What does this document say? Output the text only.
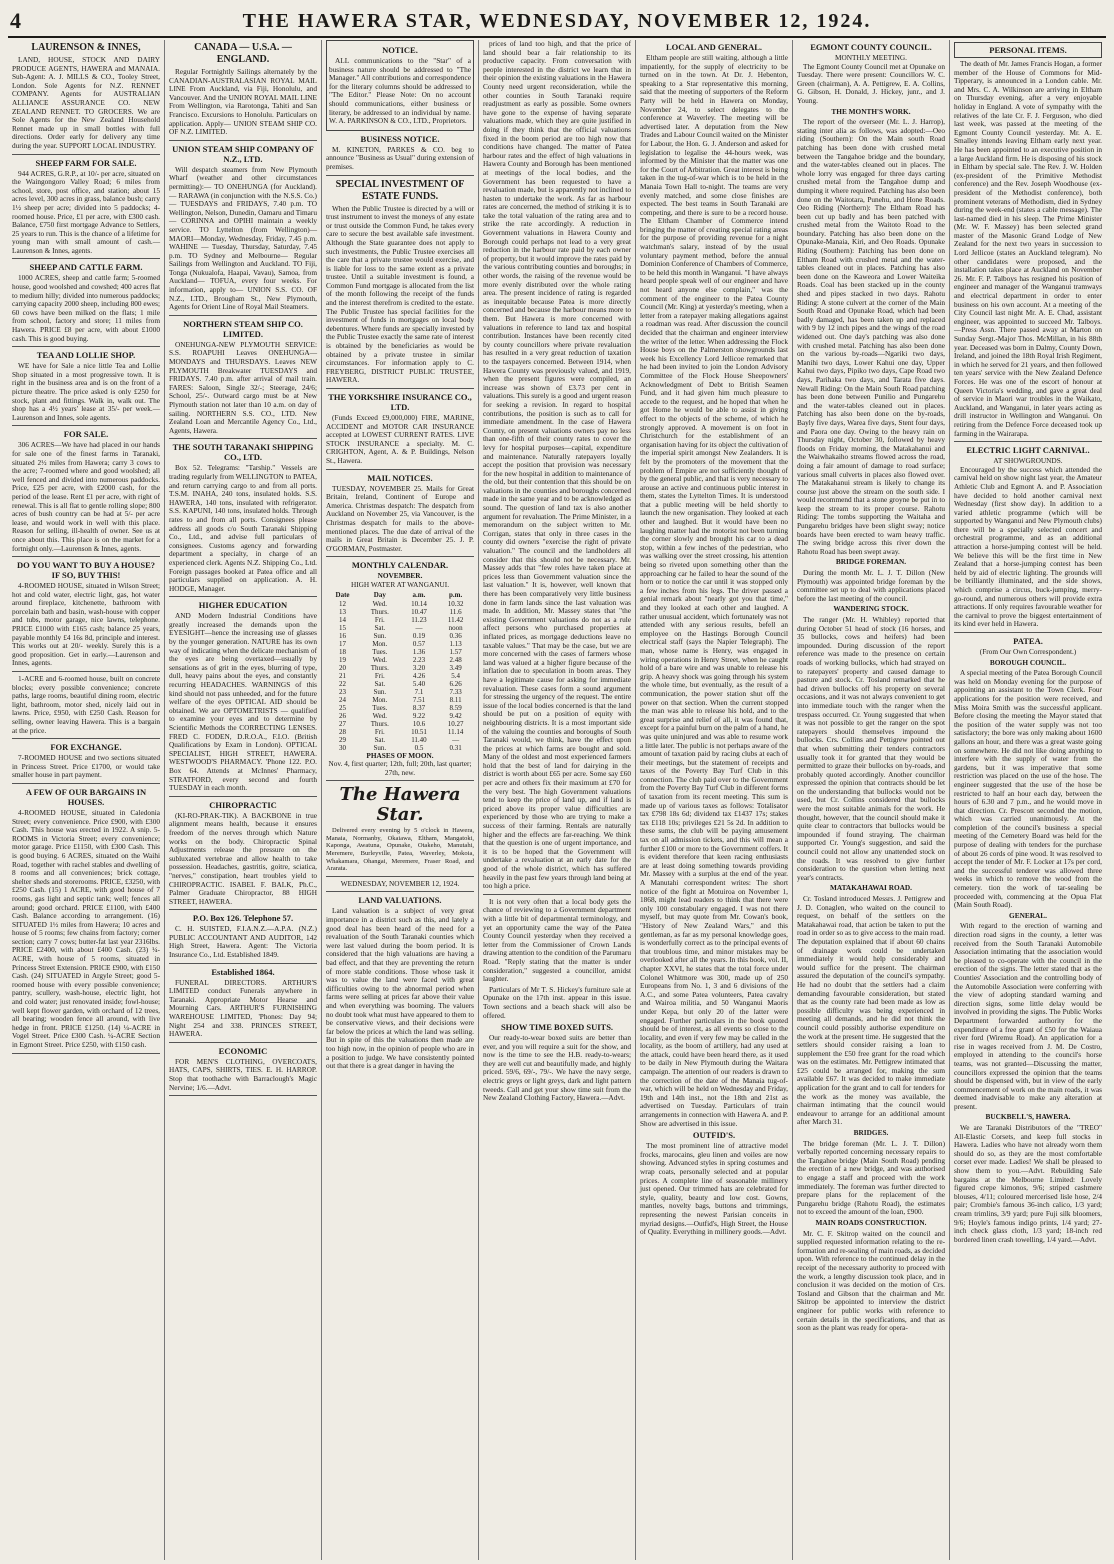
4	THE HAWERA STAR, WEDNESDAY, NOVEMBER 12, 1924.
LAURENSON & INNES,
LAND, HOUSE, STOCK AND DAIRY PRODUCE AGENTS, HAWERA and MANAIA. Sub-Agent: A. J. MILLS & CO., Tooley Street, London. Sole Agents for N.Z. RENNET COMPANY. Agents for AUSTRALIAN ALLIANCE ASSURANCE CO. NEW ZEALAND RENNET. TO GROCERS. We are Sole Agents for the New Zealand Household Rennet made up in small bottles with full directions. Order early for delivery any time during the year. SUPPORT LOCAL INDUSTRY.
SHEEP FARM FOR SALE.
944 ACRES, G.R.P., at 10/- per acre, situated on the Waingongoro Valley Road; 6 miles from school, store, post office, and station; about 15 acres level, 300 acres in grass, balance bush; carry 1½ sheep per acre; divided into 5 paddocks; 4-roomed house. Price, £1 per acre, with £300 cash. Balance, £750 first mortgage Advance to Settlers, 25 years to run. This is the chance of a lifetime for young man with small amount of cash.—Laurenson & Innes, agents.
SHEEP AND CATTLE FARM.
1000 ACRES, sheep and cattle farm; 5-roomed house, good woolshed and cowshed; 400 acres flat to medium hilly; divided into numerous paddocks; carrying capacity 2000 sheep, including 800 ewes; 60 cows have been milked on the flats; 1 mile from school, factory and store; 11 miles from Hawera. PRICE £8 per acre, with about £1000 cash. This is good buying.
TEA AND LOLLIE SHOP.
WE have for Sale a nice little Tea and Lollie Shop situated in a most progressive town. It is right in the business area and is on the front of a picture theatre. The price asked is only £250 for stock, plant and fittings. Walk in, walk out. The shop has a 4½ years' lease at 35/- per week.—Laurenson and Innes, sole agents.
FOR SALE.
306 ACRES—We have had placed in our hands for sale one of the finest farms in Taranaki, situated 2½ miles from Hawera; carry 3 cows to the acre; 7-roomed where and good woolshed; all well fenced and divided into numerous paddocks. Price, £25 per acre, with £2000 cash, for the period of the lease. Rent £1 per acre, with right of renewal. This is all flat to gentle rolling slope; 800 acres of bush country can be had at 5/- per acre lease, and would work in well with this place. Reason for selling, ill-health of owner. See us at once about this. This place is on the market for a fortnight only.—Laurenson & Innes, agents.
DO YOU WANT TO BUY A HOUSE? IF SO, BUY THIS!
4-ROOMED HOUSE, situated in Wilson Street; hot and cold water, electric light, gas, hot water around fireplace, kitchenette, bathroom with porcelain bath and basin, wash-house with copper and tubs, motor garage, nice lawns, telephone. PRICE £1000 with £165 cash; balance 25 years, payable monthly £4 16s 8d, principle and interest. This works out at 20/- weekly. Surely this is a good proposition. Get in early.—Laurenson and Innes, agents.
1-ACRE and 6-roomed house, built on concrete blocks; every possible convenience; concrete paths, large rooms, beautiful dining room, electric light, bathroom, motor shed, nicely laid out in lawns. Price, £950, with £250 Cash. Reason for selling, owner leaving Hawera. This is a bargain at the price.
FOR EXCHANGE.
7-ROOMED HOUSE and two sections situated in Princess Street. Price £1700, or would take smaller house in part payment.
A FEW OF OUR BARGAINS IN HOUSES.
4-ROOMED HOUSE, situated in Caledonia Street; every convenience. Price £900, with £300 Cash. This house was erected in 1922. A snip. 5-ROOMS in Victoria Street; every convenience; motor garage. Price £1150, with £300 Cash. This is good buying. 6 ACRES, situated on the Waihi Road, together with rachel stables and dwelling of 8 rooms and all conveniences; brick cottage, shelter sheds and storerooms. PRICE, £3250, with £250 Cash. (15) 1 ACRE, with good house of 7 rooms, gas light and septic tank; well; fences all around; good orchard. PRICE £1100, with £400 Cash. Balance according to arrangement. (16) SITUATED 1½ miles from Hawera; 10 acres and house of 5 rooms; few chains from factory; corner section; carry 7 cows; butter-fat last year 2316lbs. PRICE £2400, with about £400 Cash. (23) ¼-ACRE, with house of 5 rooms, situated in Princess Street Extension. PRICE £900, with £150 Cash. (24) SITUATED in Argyle Street; good 5-roomed house with every possible convenience; pantry, scullery, wash-house, electric light, hot and cold water; just renovated inside; fowl-house; well kept flower garden, with orchard of 12 trees, all bearing; wooden fence all around, with live hedge in front. PRICE £1250. (14) ¼-ACRE in Vogel Street. Price £300 Cash. ¼-ACRE Section in Egmont Street. Price £250, with £150 cash.
CANADA — U.S.A. — ENGLAND.
Regular Fortnightly Sailings alternately by the CANADIAN-AUSTRALASIAN ROYAL MAIL LINE From Auckland, via Fiji, Honolulu, and Vancouver. And the UNION ROYAL MAIL LINE From Wellington, via Rarotonga, Tahiti and San Francisco. Excursions to Honolulu. Particulars on application. Apply— UNION STEAM SHIP CO. OF N.Z. LIMITED.
UNION STEAM SHIP COMPANY OF N.Z., LTD.
Will despatch steamers from New Plymouth Wharf (weather and other circumstances permitting):— TO ONEHUNGA (for Auckland).— RARAWA (in conjunction with the N.S.S. Co.)— TUESDAYS and FRIDAYS, 7.40 p.m. TO Wellington, Nelson, Dunedin, Oamaru and Timaru— CORINNA and OPIHI maintain a weekly service. TO Lyttelton (from Wellington)— MAORI—Monday, Wednesday, Friday, 7.45 p.m. WAHINE — Tuesday, Thursday, Saturday, 7.45 p.m. TO Sydney and Melbourne— Regular Sailings from Wellington and Auckland. TO Fiji, Tonga (Nukualofa, Haapai, Vavau), Samoa, from Auckland— TOFUA, every four weeks. For information, apply to— UNION S.S. CO. OF N.Z., LTD., Brougham St., New Plymouth, Agents for Orient Line of Royal Mail Steamers.
NORTHERN STEAM SHIP CO. LIMITED.
ONEHUNGA-NEW PLYMOUTH SERVICE: S.S. ROAPUHI Leaves ONEHUNGA— MONDAYS and THURSDAYS. Leaves NEW PLYMOUTH Breakwater TUESDAYS and FRIDAYS. 7.40 p.m. after arrival of mail train. FARES: Saloon, Single 32/-; Steerage, 24/6; School, 25/-. Outward cargo must be at New Plymouth station not later than 10 a.m. on day of sailing. NORTHERN S.S. CO., LTD. New Zealand Loan and Mercantile Agency Co., Ltd., Agents, Hawera.
THE SOUTH TARANAKI SHIPPING CO., LTD.
Box 52. Telegrams: "Tarship." Vessels are trading regularly from WELLINGTON to PATEA, and return carrying cargo to and from all ports. T.S.M. INAHA, 240 tons, insulated holds. S.S. HAWERA, 140 tons, insulated with refrigerator. S.S. KAPUNI, 140 tons, insulated holds. Through rates to and from all ports. Consignees please address all goods c/o South Taranaki Shipping Co., Ltd., and advise full particulars of consignees. Customs agency and forwarding department a specialty, in charge of an experienced clerk. Agents N.Z. Shipping Co., Ltd. Foreign passages booked at Patea office and all particulars supplied on application. A. H. HODGE, Manager.
HIGHER EDUCATION
AND Modern Industrial Conditions have greatly increased the demands upon the EYESIGHT—hence the increasing use of glasses by the younger generation. NATURE has its own way of indicating when the delicate mechanism of the eyes are being overtaxed—usually by sensations as of grit in the eyes, blurring of type, dull, heavy pains about the eyes, and constantly recurring HEADACHES. WARNINGS of this kind should not pass unheeded, and for the future welfare of the eyes OPTICAL AID should be obtained. We are OPTOMETRISTS — qualified to examine your eyes and to determine by Scientific Methods the CORRECTING LENSES. FRED C. FODEN, D.R.O.A., F.I.O. (British Qualifications by Exam in London). OPTICAL SPECIALIST, HIGH STREET, HAWERA. WESTWOOD'S PHARMACY. 'Phone 122. P.O. Box 64. Attends at McInnes' Pharmacy, STRATFORD, every second and fourth TUESDAY in each month.
CHIROPRACTIC
(KI-RO-PRAK-TIK). A BACKBONE in true alignment means health, because it ensures freedom of the nerves through which Nature works on the body. Chiropractic Spinal Adjustments release the pressure on the subluxated vertebrae and allow health to take possession. Headaches, gastritis, goitre, sciatica, "nerves," constipation, heart troubles yield to CHIROPRACTIC. ISABEL F. BALK, Ph.C., Palmer Graduate Chiropractor, 88 HIGH STREET, HAWERA.
P.O. Box 126. Telephone 57.
C. H. SUISTED, F.I.A.N.Z.—A.P.A. (N.Z.) PUBLIC ACCOUNTANT AND AUDITOR, 142 High Street, Hawera. Agent: The Victoria Insurance Co., Ltd. Established 1849.
Established 1864.
FUNERAL DIRECTORS. ARTHUR'S LIMITED conduct Funerals anywhere in Taranaki. Appropriate Motor Hearse and Mourning Cars. ARTHUR'S FURNISHING WAREHOUSE LIMITED, 'Phones: Day 94; Night 254 and 338. PRINCES STREET, HAWERA.
ECONOMIC
FOR MEN'S CLOTHING, OVERCOATS, HATS, CAPS, SHIRTS, TIES. E. H. HARROP. Stop that toothache with Barraclough's Magic Nervine; 1/6.—Advt.
NOTICE.
ALL communications to the "Star" of a business nature should be addressed to "The Manager." All contributions and correspondence for the literary columns should be addressed to "The Editor." Please Note: On no account should communications, either business or literary, be addressed to an individual by name. W. A. PARKINSON & CO., LTD., Proprietors.
BUSINESS NOTICE.
M. KINETON, PARKES & CO. beg to announce "Business as Usual" during extension of premises.
SPECIAL INVESTMENT OF ESTATE FUNDS.
When the Public Trustee is directed by a will or trust instrument to invest the moneys of any estate or trust outside the Common Fund, he takes every care to secure the best available safe investment. Although the State guarantee does not apply to such investments, the Public Trustee exercises all the care that a private trustee would exercise, and is liable for loss to the same extent as a private trustee. Until a suitable investment is found, a Common Fund mortgage is allocated from the list of the month following the receipt of the funds and the interest therefrom is credited to the estate. The Public Trustee has special facilities for the investment of funds in mortgages on local body debentures. Where funds are specially invested by the Public Trustee exactly the same rate of interest is obtained by the beneficiaries as would be obtained by a private trustee in similar circumstances. For information apply to C. FREYBERG, DISTRICT PUBLIC TRUSTEE, HAWERA.
THE YORKSHIRE INSURANCE CO., LTD.
(Funds Exceed £9,000,000) FIRE, MARINE, ACCIDENT and MOTOR CAR INSURANCE accepted at LOWEST CURRENT RATES. LIVE STOCK INSURANCE a specialty. M. C. CRIGHTON, Agent, A. & P. Buildings, Nelson St., Hawera.
MAIL NOTICES.
TUESDAY, NOVEMBER 25. Mails for Great Britain, Ireland, Continent of Europe and America. Christmas despatch: The despatch from Auckland on November 25, via Vancouver, is the Christmas despatch for mails to the above-mentioned places. The due date of arrival of the mails in Great Britain is December 25. J. P. O'GORMAN, Postmaster.
MONTHLY CALENDAR.
NOVEMBER.
HIGH WATER AT WANGANUI.
Date	Day	a.m.	p.m.
12	Wed.	10.14	10.32
13	Thurs.	10.47	11.6
14	Fri.	11.23	11.42
15	Sat.	—	noon
16	Sun.	0.19	0.36
17	Mon.	0.57	1.13
18	Tues.	1.36	1.57
19	Wed.	2.23	2.48
20	Thurs.	3.20	3.49
21	Fri.	4.26	5.4
22	Sat.	5.40	6.26
23	Sun.	7.1	7.33
24	Mon.	7.51	8.11
25	Tues.	8.37	8.59
26	Wed.	9.22	9.42
27	Thurs.	10.6	10.27
28	Fri.	10.51	11.14
29	Sat.	11.40	—
30	Sun.	0.5	0.31
PHASES OF MOON.
Nov. 4, first quarter; 12th, full; 20th, last quarter; 27th, new.
The Hawera Star.
Delivered every evening by 5 o'clock in Hawera, Manaia, Normanby, Okaiawa, Eltham, Mangatoki, Kaponga, Awatuna, Opunake, Otakeho, Manutahi, Meremere, Burleyville, Patea, Waverley, Mokoia, Whakamara, Ohangai, Meremere, Fraser Road, and Ararata.
WEDNESDAY, NOVEMBER 12, 1924.
LAND VALUATIONS.
Land valuation is a subject of very great importance in a district such as this, and lately a good deal has been heard of the need for a revaluation of the South Taranaki counties which were last valued during the boom period. It is considered that the high valuations are having a bad effect, and that they are preventing the return of more stable conditions. Those whose task it was to value the land were faced with great difficulties owing to the abnormal period when farms were selling at prices far above their value and when everything was booming. The valuers no doubt took what must have appeared to them to be conservative views, and their decisions were far below the prices at which the land was selling. But in spite of this the valuations then made are too high now, in the opinion of people who are in a position to judge. We have consistently pointed out that there is a great danger in having the
prices of land too high, and that the price of land should bear a fair relationship to its productive capacity. From conversation with people interested in the district we learn that in their opinion the existing valuations in the Hawera County need urgent reconsideration, while the other counties in South Taranaki require readjustment as early as possible. Some owners have gone to the expense of having separate valuations made, which they are quite justified in doing if they think that the official valuations fixed in the boom period are too high now that conditions have changed. The matter of Patea harbour rates and the effect of high valuations in Hawera County and Borough has been mentioned at meetings of the local bodies, and the Government has been requested to have a revaluation made, but is apparently not inclined to hasten to undertake the work. As far as harbour rates are concerned, the method of striking it is to take the total valuation of the rating area and to strike the rate accordingly. A reduction in Government valuations in Hawera County and Borough could perhaps not lead to a very great reduction in the harbour rate paid by each owner of property, but it would improve the rates paid by the various contributing counties and boroughs; in other words, the raising of the revenue would be more evenly distributed over the whole rating area. The present incidence of rating is regarded as inequitable because Patea is more directly concerned and because the harbour means more to them. But Hawera is more concerned with valuations in reference to land tax and hospital contribution. Instances have been recently cited by county councillors where private revaluation has resulted in a very great reduction of taxation to the taxpayers concerned. Between 1914, when Hawera County was previously valued, and 1919, when the present figures were compiled, an increase was shown of £3.73 per cent in valuations. This surely is a good and urgent reason for seeking a revision. In regard to hospital contributions, the position is such as to call for immediate amendment. In the case of Hawera County, on present valuations owners pay no less than one-fifth of their county rates to cover the levy for hospital purposes—capital, expenditure and maintenance. Naturally ratepayers loyally accept the position that provision was necessary for the new hospital in addition to maintenance of the old, but their contention that this should be on valuations in the counties and boroughs concerned made in the same year and to be acknowledged as sound. The question of land tax is also another argument for revaluation. The Prime Minister, in a memorandum on the subject written to Mr. Corrigan, states that only in three cases in the county did owners "exercise the right of private valuation." The council and the landholders all consider that this should not be necessary. Mr. Massey adds that "few roles have taken place at prices less than Government valuation since the last valuation." It is, however, well known that there has been comparatively very little business done in farm lands since the last valuation was made. In addition, Mr. Massey states that "the existing Government valuations do not as a rule affect persons who purchased properties at inflated prices, as mortgage deductions leave no taxable values." That may be the case, but we are more concerned with the cases of farmers whose land was valued at a higher figure because of the inflation due to speculation in boom areas. They have a legitimate cause for asking for immediate revaluation. These cases form a sound argument for stressing the urgency of the request. The entire issue of the local bodies concerned is that the land should be put on a position of equity with neighbouring districts. It is a most important side of the valuing the counties and boroughs of South Taranaki would, we think, have the effect upon the prices at which farms are bought and sold. Many of the oldest and most experienced farmers hold that the best of land for dairying in the district is worth about £65 per acre. Some say £60 per acre and others fix their maximum at £70 for the very best. The high Government valuations tend to keep the price of land up, and if land is priced above its proper value difficulties are experienced by those who are trying to make a success of their farming. Rentals are naturally higher and the effects are far-reaching. We think that the question is one of urgent importance, and it is to be hoped that the Government will undertake a revaluation at an early date for the good of the whole district, which has suffered heavily in the past few years through land being at too high a price.
It is not very often that a local body gets the chance of reviewing to a Government department with a little bit of departmental terminology, and yet an opportunity came the way of the Patea County Council yesterday when they received a letter from the Commissioner of Crown Lands drawing attention to the condition of the Parumaru Road. "Reply stating that the matter is under consideration," suggested a councillor, amidst laughter.
Particulars of Mr T. S. Hickey's furniture sale at Opunake on the 17th inst. appear in this issue. Town sections and a beach shack will also be offered.
SHOW TIME BOXED SUITS.
Our ready-to-wear boxed suits are better than ever, and you will require a suit for the show, and now is the time to see the H.B. ready-to-wears; they are well cut and beautifully made, and highly priced. 59/6, 69/-, 79/-. We have the navy serge, electric greys or light greys, dark and light pattern tweeds. Call and get your show time suit from the New Zealand Clothing Factory, Hawera.—Advt.
LOCAL AND GENERAL.
Eltham people are still waiting, although a little impatiently, for the supply of electricity to be turned on in the town. At Dr. J. Hebenton, speaking to a Star representative this morning, said that the meeting of supporters of the Reform Party will be held in Hawera on Monday, November 24, to select delegates to the conference at Waverley. The meeting will be advertised later. A deputation from the New Trades and Labour Council waited on the Minister for Labour, the Hon. G. J. Anderson and asked for legislation to legalise the 44-hours week, was informed by the Minister that the matter was one for the Court of Arbitration. Great interest is being taken in the tug-of-war which is to be held in the Manaia Town Hall to-night. The teams are very evenly matched, and some close finishes are expected. The best teams in South Taranaki are competing, and there is sure to be a record house. The Eltham Chamber of Commerce intend bringing the matter of creating special rating areas for the purpose of providing revenue for a night watchman's salary, instead of by the usual voluntary payment method, before the annual Dominion Conference of Chambers of Commerce, to be held this month in Wanganui. "I have always heard people speak well of our engineer and have not heard anyone else complain," was the comment of the engineer to the Patea County Council (Mr. King) at yesterday's meeting, when a letter from a ratepayer making allegations against a roadman was read. After discussion the council decided that the chairman and engineer interview the writer of the letter. When addressing the Flock House boys on the Palmerston showgrounds last week his Excellency Lord Jellicoe remarked that he had been invited to join the London Advisory Committee of the Flock House Sheepowners' Acknowledgment of Debt to British Seamen Fund, and it had given him much pleasure to accede to the request, and he hoped that when he got Home he would be able to assist in giving effect to the objects of the scheme, of which he strongly approved. A movement is on foot in Christchurch for the establishment of an organisation having for its object the cultivation of the imperial spirit amongst New Zealanders. It is felt by the promoters of the movement that the problem of Empire are not sufficiently thought of by the general public, and that is very necessary to arouse an active and continuous public interest in them, states the Lyttelton Times. It is understood that a public meeting will be held shortly to launch the new organisation. They looked at each other and laughed. But it would have been no laughing matter had the motorist not been turning the corner slowly and brought his car to a dead stop, within a few inches of the pedestrian, who was walking over the street crossing, his attention being so riveted upon something other than the approaching car he failed to hear the sound of the horn or to notice the car until it was stopped only a few inches from his legs. The driver passed a genial remark about "nearly got you that time," and they looked at each other and laughed. A rather unusual accident, which fortunately was not attended with any serious results, befell an employee on the Hastings Borough Council electrical staff (says the Napier Telegraph). The man, whose name is Henry, was engaged in wiring operations in Henry Street, when he caught hold of a bare wire and was unable to release his grip. A heavy shock was going through his system the whole time, but eventually, as the result of a communication, the power station shut off the power on that section. When the current stopped the man was able to release his hold, and to the great surprise and relief of all, it was found that, except for a painful burn on the palm of a hand, he was quite uninjured and was able to resume work a little later. The public is not perhaps aware of the amount of taxation paid by racing clubs at each of their meetings, but the statement of receipts and taxes of the Poverty Bay Turf Club in this connection. The club paid over to the Government from the Poverty Bay Turf Club in different forms of taxation from its recent meeting. This sum is made up of various taxes as follows: Totalisator tax £798 18s 6d; dividend tax £1437 17s; stakes tax £118 10s; privileges £21 5s 2d. In addition to these sums, the club will be paying amusement tax on all admission tickets, and this will mean a further £100 or more to the Government coffers. It is evident therefore that keen racing enthusiasts are at least doing something towards providing Mr. Massey with a surplus at the end of the year. A Manutahi correspondent writes: The short notice of the fight at Motuiroa on November 1, 1868, might lead readers to think that there were only 100 constabulary engaged. I was not there myself, but may quote from Mr. Cowan's book, "History of New Zealand Wars," and this gentleman, as far as my personal knowledge goes, is wonderfully correct as to the principal events of that troublous time, and minor mistakes may be overlooked after all the years. In this book, vol. II, chapter XXVI, he states that the total force under Colonel Whitmore was 300, made up of 250 Europeans from No. 1, 3 and 6 divisions of the A.C., and some Patea volunteers, Patea cavalry and Wairoa militia, and 50 Wanganui Maoris under Kepa, but only 20 of the latter were engaged. Further particulars in the book quoted should be of interest, as all events so close to the locality, and even if very few may be called in the locality, as the boom of artillery, had any used at the attack, could have been heard there, as it used to be daily in New Plymouth during the Waitara campaign. The attention of our readers is drawn to the correction of the date of the Manaia tug-of-war, which will be held on Wednesday and Friday, 19th and 14th inst., not the 18th and 21st as advertised on Tuesday. Particulars of train arrangements in connection with Hawera A. and P. Show are advertised in this issue.
OUTFID'S.
The most prominent line of attractive model frocks, marocains, gleu linen and voiles are now showing. Advanced styles in spring costumes and wrap coats, personally selected and at popular prices. A complete line of seasonable millinery just opened. Our trimmed hats are celebrated for style, quality, beauty and low cost. Gowns, mantles, novelty bags, buttons and trimmings, representing the newest Parisian conceits in myriad designs.—Outfid's, High Street, the House of Quality. Everything in millinery goods.—Advt.
EGMONT COUNTY COUNCIL.
MONTHLY MEETING.
The Egmont County Council met at Opunake on Tuesday. There were present: Councillors W. C. Green (chairman), A. A. Pettigrew, E. A. Collins, G. Gibson, H. Donald, J. Hickey, junr., and J. Young.
THE MONTH'S WORK.
The report of the overseer (Mr. L. J. Harrop), stating inter alia as follows, was adopted:—Oeo riding (Southern): On the Main south Road patching has been done with crushed metal between the Tangahoe bridge and the boundary, and the water-tables cleaned out in places. The whole lorry was engaged for three days carting crushed metal from the Tangahoe dump and dumping it where required. Patching has also been done on the Waitotara, Punehu, and Hone Roads. Oeo Riding (Northern): The Eltham Road has been cut up badly and has been patched with crushed metal from the Waitoto Road to the boundary. Patching has also been done on the Opunake-Manaia, Kiri, and Oeo Roads. Opunake Riding (Southern): Patching has been done on Eltham Road with crushed metal and the water-tables cleaned out in places. Patching has also been done on the Kaweora and Lower Waiteika Roads. Coal has been stacked up in the county shed and pipes stacked in two days. Rahotu Riding: A stone culvert at the corner of the Main South Road and Opunake Road, which had been badly damaged, has been taken up and replaced with 9 by 12 inch pipes and the wings of the road widened out. One day's patching was also done with crushed metal. Patching has also been done on the various by-roads—Ngariki two days, Manihi two days, Lower Kahui one day, Upper Kahui two days, Pipiko two days, Cape Road two days, Parihaka two days, and Tarata five days. Newall Riding: On the Main South Road patching has been done between Punilio and Pungarehu and the water-tables cleaned out in places. Patching has also been done on the by-roads, Bayly five days, Warea five days, Stent four days, and Paora one day. Owing to the heavy rain on Thursday night, October 30, followed by heavy floods on Friday morning, the Matakahanui and the Waiwhakaiho streams flowed across the road, doing a fair amount of damage to road surface; various small culverts in places also flowed over. The Matakahanui stream is likely to change its course just above the stream on the south side. I would recommend that a stone groyne be put in to keep the stream to its proper course. Rahotu Riding: The tombs supporting the Waitaha and Pungarehu bridges have been slight sway; notice boards have been erected to warn heavy traffic. The swing bridge across this river down the Rahotu Road has been swept away.
BRIDGE FOREMAN.
During the month Mr. L. J. T. Dillon (New Plymouth) was appointed bridge foreman by the committee set up to deal with applications placed before the last meeting of the council.
WANDERING STOCK.
The ranger (Mr. H. Whibley) reported that during October 51 head of stock (16 horses, and 35 bullocks, cows and heifers) had been impounded. During discussion of the report reference was made to the presence on certain roads of working bullocks, which had strayed on to ratepayers' property and caused damage to pasture and stock. Cr. Tosland remarked that he had driven bullocks off his property on several occasions, and it was not always convenient to get into immediate touch with the ranger when the trespass occurred. Cr. Young suggested that when it was not possible to get the ranger on the spot ratepayers should themselves impound the bullocks. Crs. Collins and Pettigrew pointed out that when submitting their tenders contractors usually took it for granted that they would be permitted to graze their bullocks on by-roads, and probably quoted accordingly. Another councillor expressed the opinion that contracts should be let on the understanding that bullocks would not be used, but Cr. Collins considered that bullocks were the most suitable animals for the work. He thought, however, that the council should make it quite clear to contractors that bullocks would be impounded if found straying. The chairman supported Cr. Young's suggestion, and said the council could not allow any unattended stock on the roads. It was resolved to give further consideration to the question when letting next year's contracts.
MATAKAHAWAI ROAD.
Cr. Tosland introduced Messrs. J. Pettigrew and J. D. Conaglen, who waited on the council to request, on behalf of the settlers on the Matakahawai road, that action be taken to put the road in order so as to give access to the main road. The deputation explained that if about 60 chains of drainage work could be undertaken immediately it would help considerably and would suffice for the present. The chairman assured the deputation of the council's sympathy. He had no doubt that the settlers had a claim demanding favourable consideration, but stated that as the county rate had been made as low as possible difficulty was being experienced in meeting all demands, and he did not think the council could possibly authorise expenditure on the work at the present time. He suggested that the settlers should consider raising a loan to supplement the £50 free grant for the road which was on the estimates. Mr. Pettigrew intimated that £25 could be arranged for, making the sum available £67. It was decided to make immediate application for the grant and to call for tenders for the work as the money was available, the chairman intimating that the council would endeavour to arrange for an additional amount after March 31.
BRIDGES.
The bridge foreman (Mr. L. J. T. Dillon) verbally reported concerning necessary repairs to the Tangahoe bridge (Main South Road) pending the erection of a new bridge, and was authorised to engage a staff and proceed with the work immediately. The foreman was further directed to prepare plans for the replacement of the Pungarehu bridge (Rahotu Road), the estimates not to exceed the amount of the loan, £900.
MAIN ROADS CONSTRUCTION.
Mr. C. F. Skitrop waited on the council and supplied requested information relating to the re-formation and re-sealing of main roads, as decided upon. With reference to the continued delay in the receipt of the necessary authority to proceed with the work, a lengthy discussion took place, and in conclusion it was decided on the motion of Crs. Tosland and Gibson that the chairman and Mr. Skitrop be appointed to interview the district engineer for public works with reference to certain details in the specifications, and that as soon as the plant was ready for opera-
PERSONAL ITEMS.
The death of Mr. James Francis Hogan, a former member of the House of Commons for Mid-Tipperary, is announced in a London cable. Mr. and Mrs. C. A. Wilkinson are arriving in Eltham on Thursday evening, after a very enjoyable holiday in England. A vote of sympathy with the relatives of the late Cr. F. J. Ferguson, who died last week, was passed at the meeting of the Egmont County Council yesterday. Mr. A. E. Smalley intends leaving Eltham early next year. He has been appointed to an executive position in a large Auckland firm. He is disposing of his stock in Eltham by special sale. The Rev. J. W. Holden (ex-president of the Primitive Methodist conference) and the Rev. Joseph Woodhouse (ex-president of the Methodist conference), both prominent veterans of Methodism, died in Sydney during the week-end (states a cable message). The last-named died in his sleep. The Prime Minister (Mr. W. F. Massey) has been selected grand master of the Masonic Grand Lodge of New Zealand for the next two years in succession to Lord Jellicoe (states an Auckland telegram). No other candidates were proposed, and the installation takes place at Auckland on November 26. Mr. F. P. Talboys has resigned his position of engineer and manager of the Wanganui tramways and electrical department in order to enter business on his own account. At a meeting of the City Council last night Mr. A. E. Chad, assistant engineer, was appointed to succeed Mr. Talboys.—Press Assn. There passed away at Marton on Sunday Sergt.-Major Thos. McMillan, in his 88th year. Deceased was born in Dalmy, County Down, Ireland, and joined the 18th Royal Irish Regiment, in which he served for 21 years, and then followed ten years' service with the New Zealand Defence Forces. He was one of the escort of honour at Queen Victoria's wedding, and gave a great deal of service in Maori war troubles in the Waikato, Auckland, and Wanganui, in later years acting as drill instructor in Wellington and Wanganui. On retiring from the Defence Force deceased took up farming in the Wairarapa.
ELECTRIC LIGHT CARNIVAL.
AT SHOWGROUNDS.
Encouraged by the success which attended the carnival held on show night last year, the Amateur Athletic Club and Egmont A. and P. Association have decided to hold another carnival next Wednesday (first show day). In addition to a varied athletic programme (which will be supported by Wanganui and New Plymouth clubs) there will be a specially selected concert and orchestral programme, and as an additional attraction a horse-jumping contest will be held. We believe this will be the first time in New Zealand that a horse-jumping contest has been held by aid of electric lighting. The grounds will be brilliantly illuminated, and the side shows, which comprise a circus, buck-jumping, merry-go-round, and numerous others will provide extra attractions. If only requires favourable weather for the carnival to prove the biggest entertainment of its kind ever held in Hawera.
PATEA.
(From Our Own Correspondent.)
BOROUGH COUNCIL.
A special meeting of the Patea Borough Council was held on Monday evening for the purpose of appointing an assistant to the Town Clerk. Four applications for the position were received, and Miss Moira Smith was the successful applicant. Before closing the meeting the Mayor stated that the position of the water supply was not too satisfactory; the bore was only making about 1600 gallons an hour, and there was a great waste going on somewhere. He did not like doing anything to interfere with the supply of water from the gardens, but it was imperative that some restriction was placed on the use of the hose. The engineer suggested that the use of the hose be restricted to half an hour each day, between the hours of 6.30 and 7 p.m., and he would move in that direction. Cr. Prescott seconded the motion, which was carried unanimously. At the completion of the council's business a special meeting of the Cemetery Board was held for the purpose of dealing with tenders for the purchase of about 26 cords of pine wood. It was resolved to accept the tender of Mr. F. Locker at 17s per cord, and the successful tenderer was allowed three weeks in which to remove the wood from the cemetery. tion the work of tar-sealing be proceeded with, commencing at the Opua Flat (Main South Road).
GENERAL.
With regard to the erection of warning and direction road signs in the county, a letter was received from the South Taranaki Automobile Association intimating that the association would be pleased to co-operate with the council in the erection of the signs. The letter stated that as the Counties' Association and the controlling body of the Automobile Association were conferring with the view of adopting standard warning and direction signs, some little delay would be involved in providing the signs. The Public Works Department forwarded authority for the expenditure of a free grant of £50 for the Waiaua river ford (Wiremu Road). An application for a rise in wages received from J. M. De Costro, employed in attending to the council's horse teams, was not granted—Discussing the matter, councillors expressed the opinion that the teams should be dispensed with, but in view of the early commencement of work on the main roads, it was deemed inadvisable to make any alteration at present.
BUCKBELL'S, HAWERA.
We are Taranaki Distributors of the "TREO" All-Elastic Corsets, and keep full stocks in Hawera. Ladies who have not already worn them should do so, as they are the most comfortable corset ever made. Ladies! We shall be pleased to show them to you.—Advt. Rebuilding Sale bargains at the Melbourne Limited: Lovely figured crepe kimonos, 9/6; striped cashmere blouses, 4/11; coloured mercerised lisle hose, 2/4 pair; Crombie's famous 36-inch calico, 1/3 yard; cream trimlins, 3/9 yard; pure Fuji silk bloomers, 9/6; Hoyle's famous indigo prints, 1/4 yard; 27-inch check glass cloth, 1/3 yard; 18-inch red bordered linen crash towelling, 1/4 yard.—Advt.
